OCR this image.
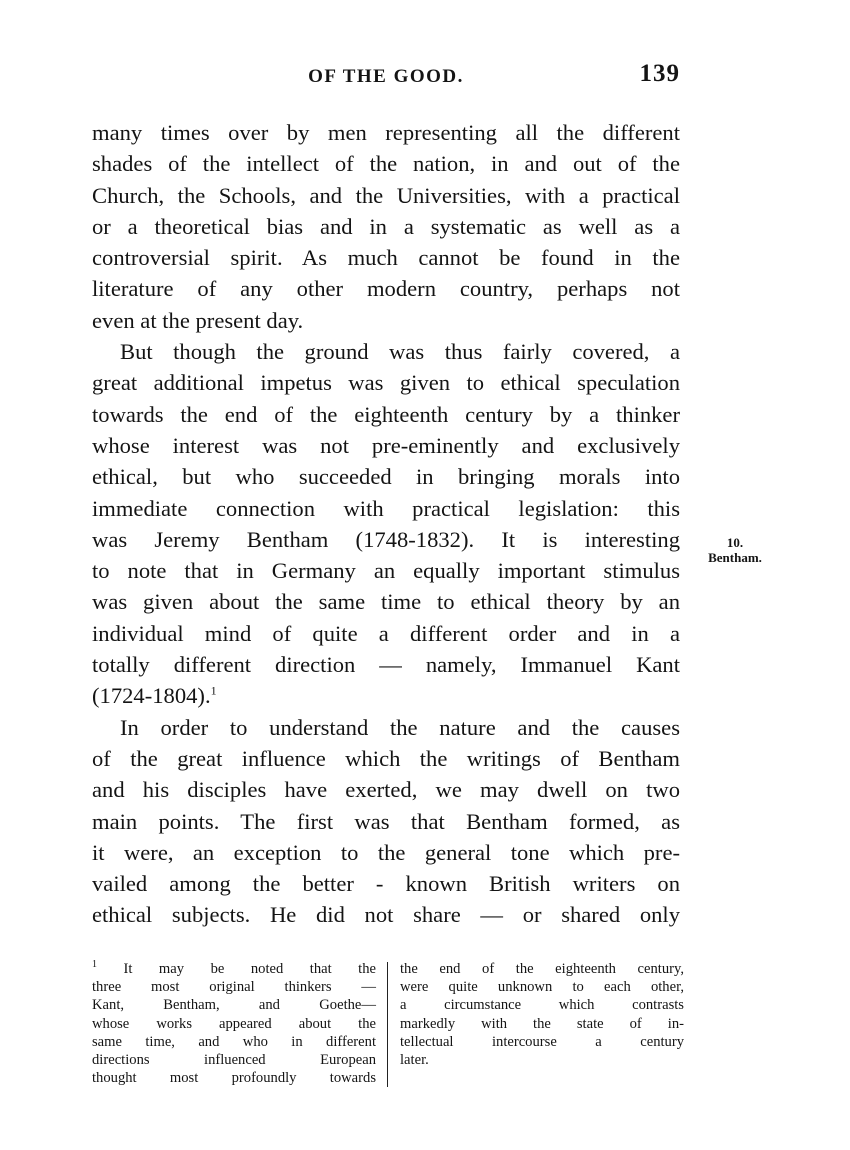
OF THE GOOD.	139
many times over by men representing all the different
shades of the intellect of the nation, in and out of the
Church, the Schools, and the Universities, with a practical
or a theoretical bias and in a systematic as well as a
controversial spirit. As much cannot be found in the
literature of any other modern country, perhaps not
even at the present day.
But though the ground was thus fairly covered, a
great additional impetus was given to ethical speculation
towards the end of the eighteenth century by a thinker
whose interest was not pre-eminently and exclusively
ethical, but who succeeded in bringing morals into
immediate connection with practical legislation: this
was Jeremy Bentham (1748-1832). It is interesting
to note that in Germany an equally important stimulus
was given about the same time to ethical theory by an
individual mind of quite a different order and in a
totally different direction — namely, Immanuel Kant
(1724-1804).$^1$
In order to understand the nature and the causes
of the great influence which the writings of Bentham
and his disciples have exerted, we may dwell on two
main points. The first was that Bentham formed, as
it were, an exception to the general tone which pre-
vailed among the better - known British writers on
ethical subjects. He did not share — or shared only
10.
Bentham.
$^1$ It may be noted that the
three most original thinkers —
Kant, Bentham, and Goethe—
whose works appeared about the
same time, and who in different
directions influenced European
thought most profoundly towards
the end of the eighteenth century,
were quite unknown to each other,
a circumstance which contrasts
markedly with the state of in-
tellectual intercourse a century
later.
